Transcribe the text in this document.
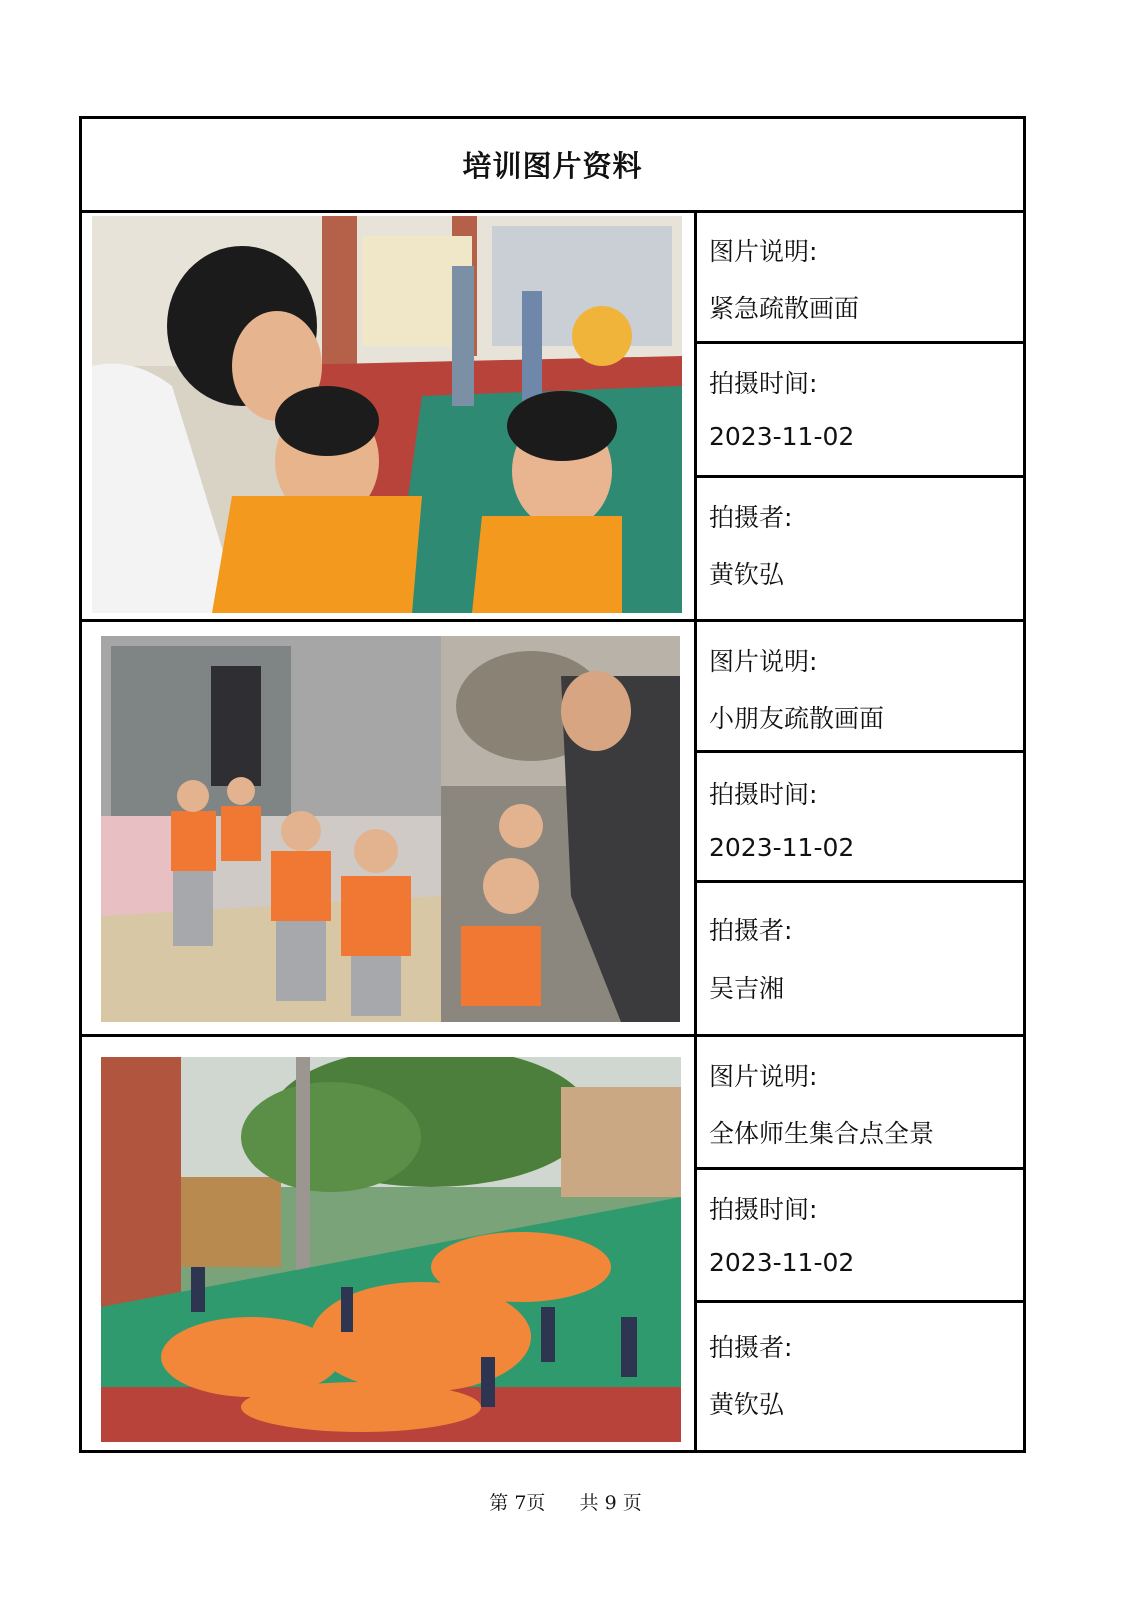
培训图片资料
图片说明:
紧急疏散画面
拍摄时间:
2023-11-02
拍摄者:
黄钦弘
图片说明:
小朋友疏散画面
拍摄时间:
2023-11-02
拍摄者:
吴吉湘
图片说明:
全体师生集合点全景
拍摄时间:
2023-11-02
拍摄者:
黄钦弘
第 7页 共 9 页
